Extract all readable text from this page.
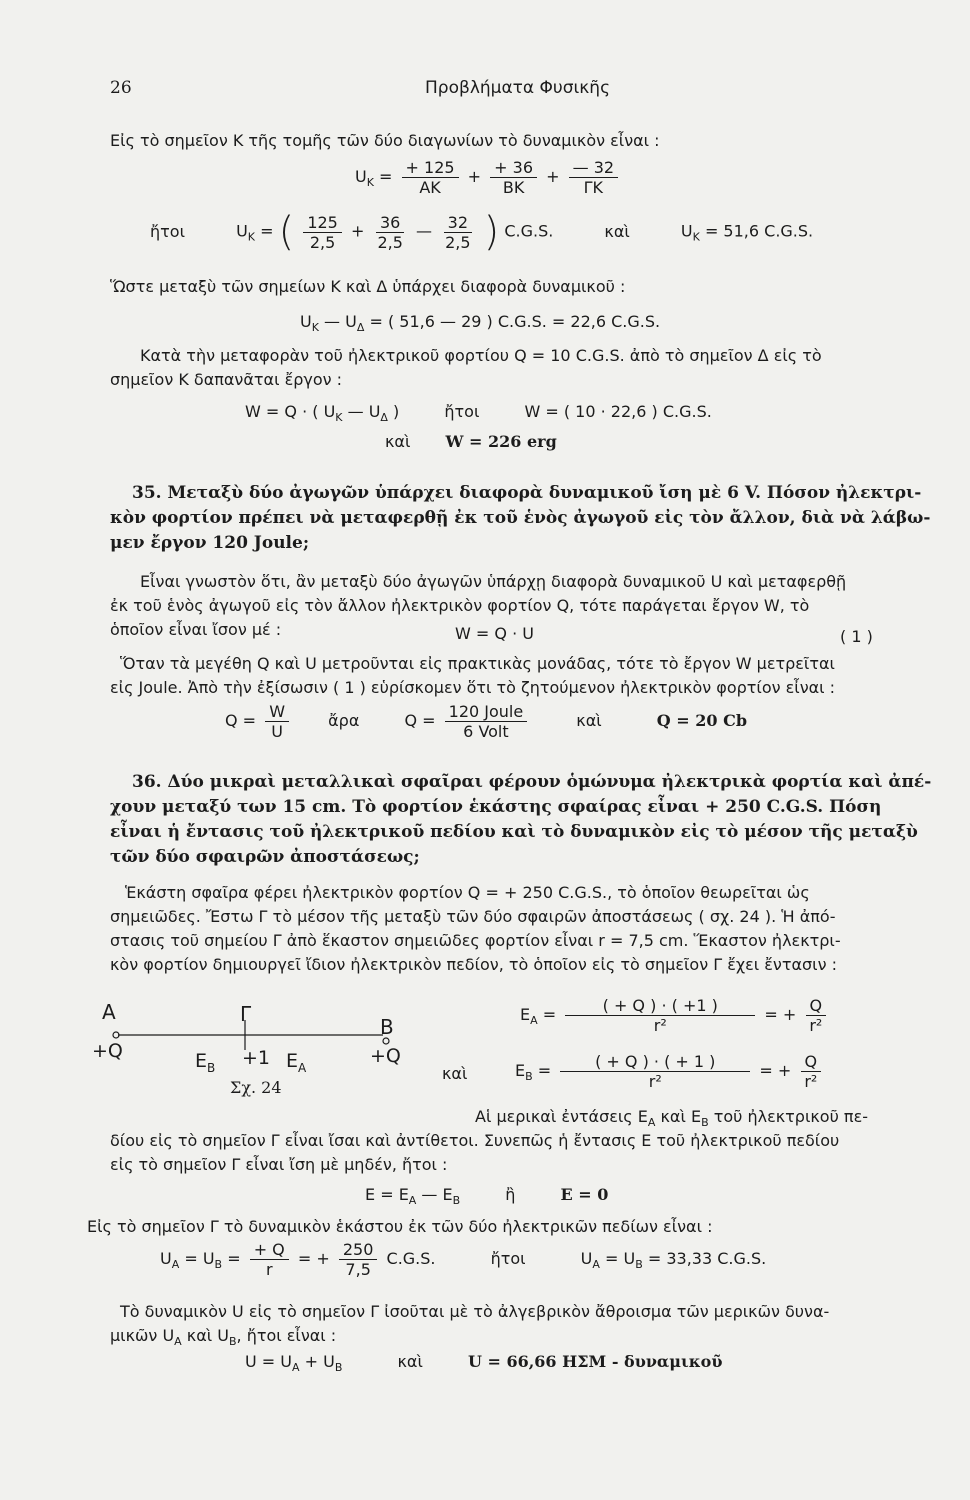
26	Προβλήματα Φυσικῆς
Εἰς τὸ σημεῖον Κ τῆς τομῆς τῶν δύο διαγωνίων τὸ δυναμικὸν εἶναι :
$U_K = \frac{+ 125}{AK} + \frac{+ 36}{BK} + \frac{— 32}{\Gamma K}$
ἤτοι	$U_K$ = ( $\frac{125}{2,5} + \frac{36}{2,5}$ — $\frac{32}{2,5}$ ) C.G.S.	καὶ	$U_K = 51,6$ C.G.S.
Ὥστε μεταξὺ τῶν σημείων Κ καὶ Δ ὑπάρχει διαφορὰ δυναμικοῦ :
$U_K$ — $U_\Delta$ = ( 51,6 — 29 ) C.G.S. = 22,6 C.G.S.
Κατὰ τὴν μεταφορὰν τοῦ ἠλεκτρικοῦ φορτίου Q = 10 C.G.S. ἀπὸ τὸ σημεῖον Δ εἰς τὸ
σημεῖον Κ δαπανᾶται ἔργον :
W = Q · ( $U_K$ — $U_\Delta$ )	ἤτοι	W = ( 10 · 22,6 ) C.G.S.
καὶ W = 226 erg
35. Μεταξὺ δύο ἀγωγῶν ὑπάρχει διαφορὰ δυναμικοῦ ἴση μὲ 6 V. Πόσον ἠλεκτρι-
κὸν φορτίον πρέπει νὰ μεταφερθῇ ἐκ τοῦ ἑνὸς ἀγωγοῦ εἰς τὸν ἄλλον, διὰ νὰ λάβω-
μεν ἔργον 120 Joule;
Εἶναι γνωστὸν ὅτι, ἂν μεταξὺ δύο ἀγωγῶν ὑπάρχῃ διαφορὰ δυναμικοῦ U καὶ μεταφερθῇ
ἐκ τοῦ ἑνὸς ἀγωγοῦ εἰς τὸν ἄλλον ἠλεκτρικὸν φορτίον Q, τότε παράγεται ἔργον W, τὸ
ὁποῖον εἶναι ἴσον μέ :	W = Q · U	( 1 )
Ὅταν τὰ μεγέθη Q καὶ U μετροῦνται εἰς πρακτικὰς μονάδας, τότε τὸ ἔργον W μετρεῖται
εἰς Joule. Ἀπὸ τὴν ἐξίσωσιν ( 1 ) εὑρίσκομεν ὅτι τὸ ζητούμενον ἠλεκτρικὸν φορτίον εἶναι :
$Q = \frac{W}{U}$ ἄρα	$Q = \frac{\text{120 Joule}}{\text{6 Volt}}$	καὶ	Q = 20 Cb
36. Δύο μικραὶ μεταλλικαὶ σφαῖραι φέρουν ὁμώνυμα ἠλεκτρικὰ φορτία καὶ ἀπέ-
χουν μεταξύ των 15 cm. Τὸ φορτίον ἑκάστης σφαίρας εἶναι + 250 C.G.S. Πόση
εἶναι ἡ ἔντασις τοῦ ἠλεκτρικοῦ πεδίου καὶ τὸ δυναμικὸν εἰς τὸ μέσον τῆς μεταξὺ
τῶν δύο σφαιρῶν ἀποστάσεως;
Ἑκάστη σφαῖρα φέρει ἠλεκτρικὸν φορτίον Q = + 250 C.G.S., τὸ ὁποῖον θεωρεῖται ὡς
σημειῶδες. Ἔστω Γ τὸ μέσον τῆς μεταξὺ τῶν δύο σφαιρῶν ἀποστάσεως ( σχ. 24 ). Ἡ ἀπό-
στασις τοῦ σημείου Γ ἀπὸ ἕκαστον σημειῶδες φορτίον εἶναι r = 7,5 cm. Ἕκαστον ἠλεκτρι-
κὸν φορτίον δημιουργεῖ ἴδιον ἠλεκτρικὸν πεδίον, τὸ ὁποῖον εἰς τὸ σημεῖον Γ ἔχει ἔντασιν :
A	Γ
B
+Q	$E_B +1$ $E_A$
+Q
Σχ. 24
$E_A = \frac{( + Q ) \cdot ( +1 )}{\text{r²}}$ = + $\frac{Q}{\text{r²}}$
καὶ	$E_B = \frac{( + Q ) \cdot ( + 1 )}{\text{r²}}$ = + $\frac{Q}{\text{r²}}$
Αἱ μερικαὶ ἐντάσεις $E_A$ καὶ $E_B$ τοῦ ἠλεκτρικοῦ πε-
δίου εἰς τὸ σημεῖον Γ εἶναι ἴσαι καὶ ἀντίθετοι. Συνεπῶς ἡ ἔντασις E τοῦ ἠλεκτρικοῦ πεδίου
εἰς τὸ σημεῖον Γ εἶναι ἴση μὲ μηδέν, ἤτοι :
$E = E_A$ — $E_B$	ἢ	E = 0
Εἰς τὸ σημεῖον Γ τὸ δυναμικὸν ἑκάστου ἐκ τῶν δύο ἠλεκτρικῶν πεδίων εἶναι :
$U_A = U_B = \frac{+ Q}{r}$ = + $\frac{250}{7,5} C.G.S$.	ἤτοι	$U_A = U_B = 33,33$ C.G.S.
Τὸ δυναμικὸν U εἰς τὸ σημεῖον Γ ἰσοῦται μὲ τὸ ἀλγεβρικὸν ἄθροισμα τῶν μερικῶν δυνα-
μικῶν $U_A$ καὶ $U_B$, ἤτοι εἶναι :
$U = U_A + U_B$	καὶ	U = 66,66 ΗΣΜ - δυναμικοῦ
